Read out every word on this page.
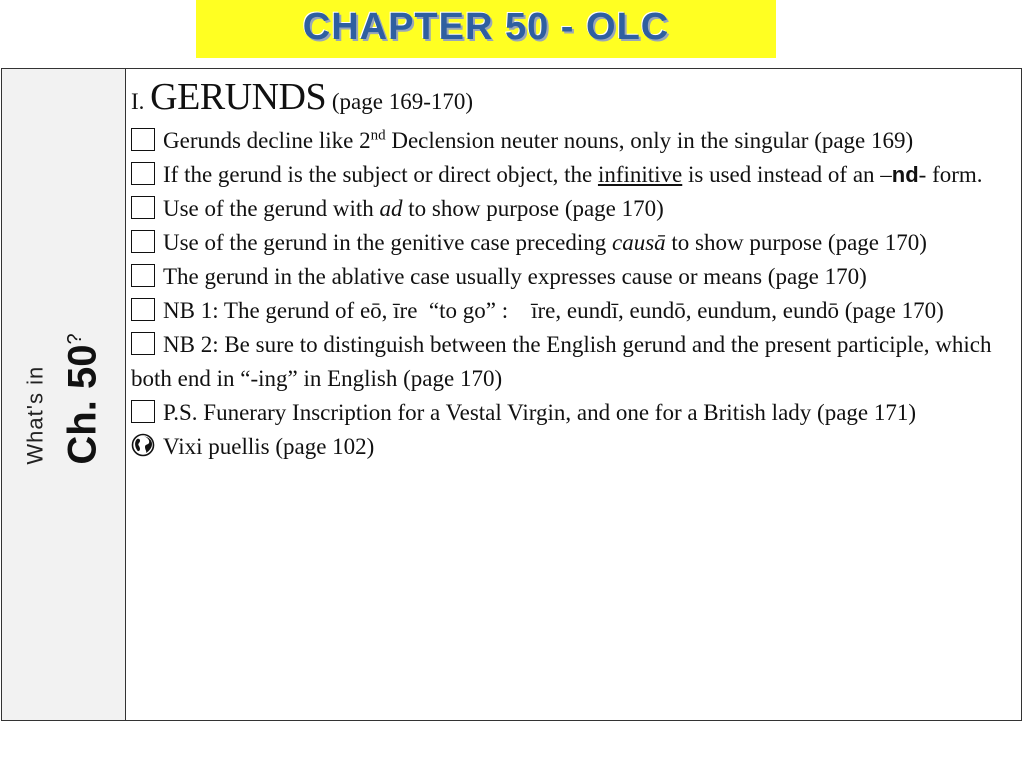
CHAPTER 50 - OLC
What's in Ch. 50?
I. GERUNDS (page 169-170)

Gerunds decline like 2nd Declension neuter nouns, only in the singular (page 169)

If the gerund is the subject or direct object, the infinitive is used instead of an –nd- form.

Use of the gerund with ad to show purpose (page 170)

Use of the gerund in the genitive case preceding causā to show purpose (page 170)

The gerund in the ablative case usually expresses cause or means (page 170)

NB 1: The gerund of eō, īre  “to go” :    īre, eundī, eundō, eundum, eundō (page 170)

NB 2: Be sure to distinguish between the English gerund and the present participle, which both end in “-ing” in English (page 170)

P.S. Funerary Inscription for a Vestal Virgin, and one for a British lady (page 171)

Vixi puellis (page 102)
